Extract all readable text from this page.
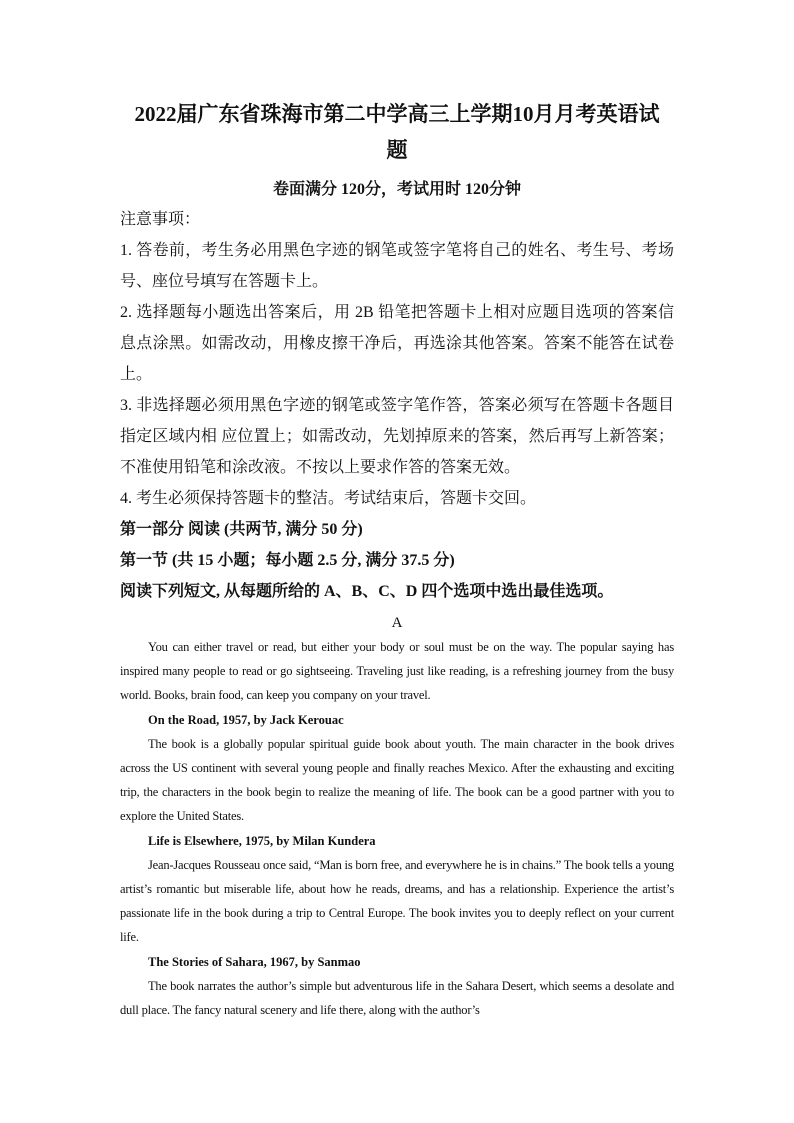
2022届广东省珠海市第二中学高三上学期10月月考英语试
题

卷面满分 120分，考试用时 120分钟

注意事项：

1. 答卷前，考生务必用黑色字迹的钢笔或签字笔将自己的姓名、考生号、考场号、座位号填写在答题卡上。

2. 选择题每小题选出答案后，用 2B 铅笔把答题卡上相对应题目选项的答案信息点涂黑。如需改动，用橡皮擦干净后，再选涂其他答案。答案不能答在试卷上。

3. 非选择题必须用黑色字迹的钢笔或签字笔作答，答案必须写在答题卡各题目指定区域内相 应位置上；如需改动，先划掉原来的答案，然后再写上新答案；不准使用铅笔和涂改液。不按以上要求作答的答案无效。

4. 考生必须保持答题卡的整洁。考试结束后，答题卡交回。

第一部分 阅读 (共两节, 满分 50 分)

第一节 (共 15 小题；每小题 2.5 分, 满分 37.5 分)

阅读下列短文, 从每题所给的 A、B、C、D 四个选项中选出最佳选项。

A

You can either travel or read, but either your body or soul must be on the way. The popular saying has inspired many people to read or go sightseeing. Traveling just like reading, is a refreshing journey from the busy world. Books, brain food, can keep you company on your travel.

On the Road, 1957, by Jack Kerouac

The book is a globally popular spiritual guide book about youth. The main character in the book drives across the US continent with several young people and finally reaches Mexico. After the exhausting and exciting trip, the characters in the book begin to realize the meaning of life. The book can be a good partner with you to explore the United States.

Life is Elsewhere, 1975, by Milan Kundera

Jean-Jacques Rousseau once said, “Man is born free, and everywhere he is in chains.” The book tells a young artist’s romantic but miserable life, about how he reads, dreams, and has a relationship. Experience the artist’s passionate life in the book during a trip to Central Europe. The book invites you to deeply reflect on your current life.

The Stories of Sahara, 1967, by Sanmao

The book narrates the author’s simple but adventurous life in the Sahara Desert, which seems a desolate and dull place. The fancy natural scenery and life there, along with the author’s
